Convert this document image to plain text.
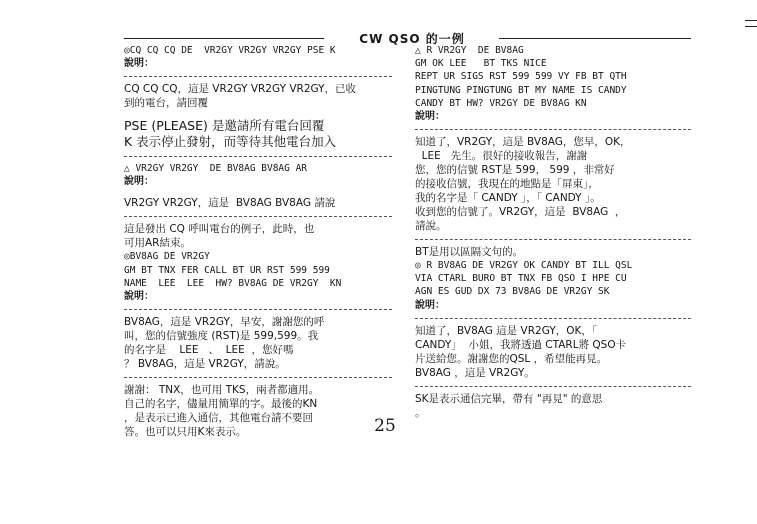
CW QSO 的一例
◎CQ CQ CQ DE  VR2GY VR2GY VR2GY PSE K
說明：
CQ CQ CQ，這是 VR2GY VR2GY VR2GY，已收
到的電台，請回覆
PSE (PLEASE) 是邀請所有電台回覆
K 表示停止發射，而等待其他電台加入
△ VR2GY VR2GY  DE BV8AG BV8AG AR
說明：
VR2GY VR2GY，這是  BV8AG BV8AG 請說
這是發出 CQ 呼叫電台的例子，此時，也
可用AR結束。
◎BV8AG DE VR2GY
GM BT TNX FER CALL BT UR RST 599 599
NAME  LEE  LEE  HW? BV8AG DE VR2GY  KN
說明：
BV8AG，這是 VR2GY，早安，謝謝您的呼
叫，您的信號強度 (RST)是 599,599。我
的名字是    LEE   、  LEE  ，您好嗎
？ BV8AG，這是 VR2GY，請說。
謝謝： TNX，也可用 TKS，兩者都適用。
自己的名字，儘量用簡單的字。最後的KN
，是表示已進入通信，其他電台請不要回
答。也可以只用K來表示。
△ R VR2GY  DE BV8AG
GM OK LEE   BT TKS NICE
REPT UR SIGS RST 599 599 VY FB BT QTH
PINGTUNG PINGTUNG BT MY NAME IS CANDY
CANDY BT HW? VR2GY DE BV8AG KN
說明：
知道了，VR2GY，這是 BV8AG，您早，OK，
LEE   先生。很好的接收報告，謝謝
您，您的信號 RST是 599， 599 ，非常好
的接收信號，我現在的地點是「屏東」，
我的名字是「 CANDY 」，「 CANDY 」。
收到您的信號了。VR2GY，這是  BV8AG  ，
請說。
BT是用以區隔文句的。
◎ R BV8AG DE VR2GY OK CANDY BT ILL QSL
VIA CTARL BURO BT TNX FB QSO I HPE CU
AGN ES GUD DX 73 BV8AG DE VR2GY SK
說明：
知道了，BV8AG 這是 VR2GY，OK，「
CANDY」  小姐，我將透過 CTARL將 QSO卡
片送給您。謝謝您的QSL ，希望能再見。
BV8AG ，這是 VR2GY。
SK是表示通信完畢，帶有 "再見" 的意思
。
25
